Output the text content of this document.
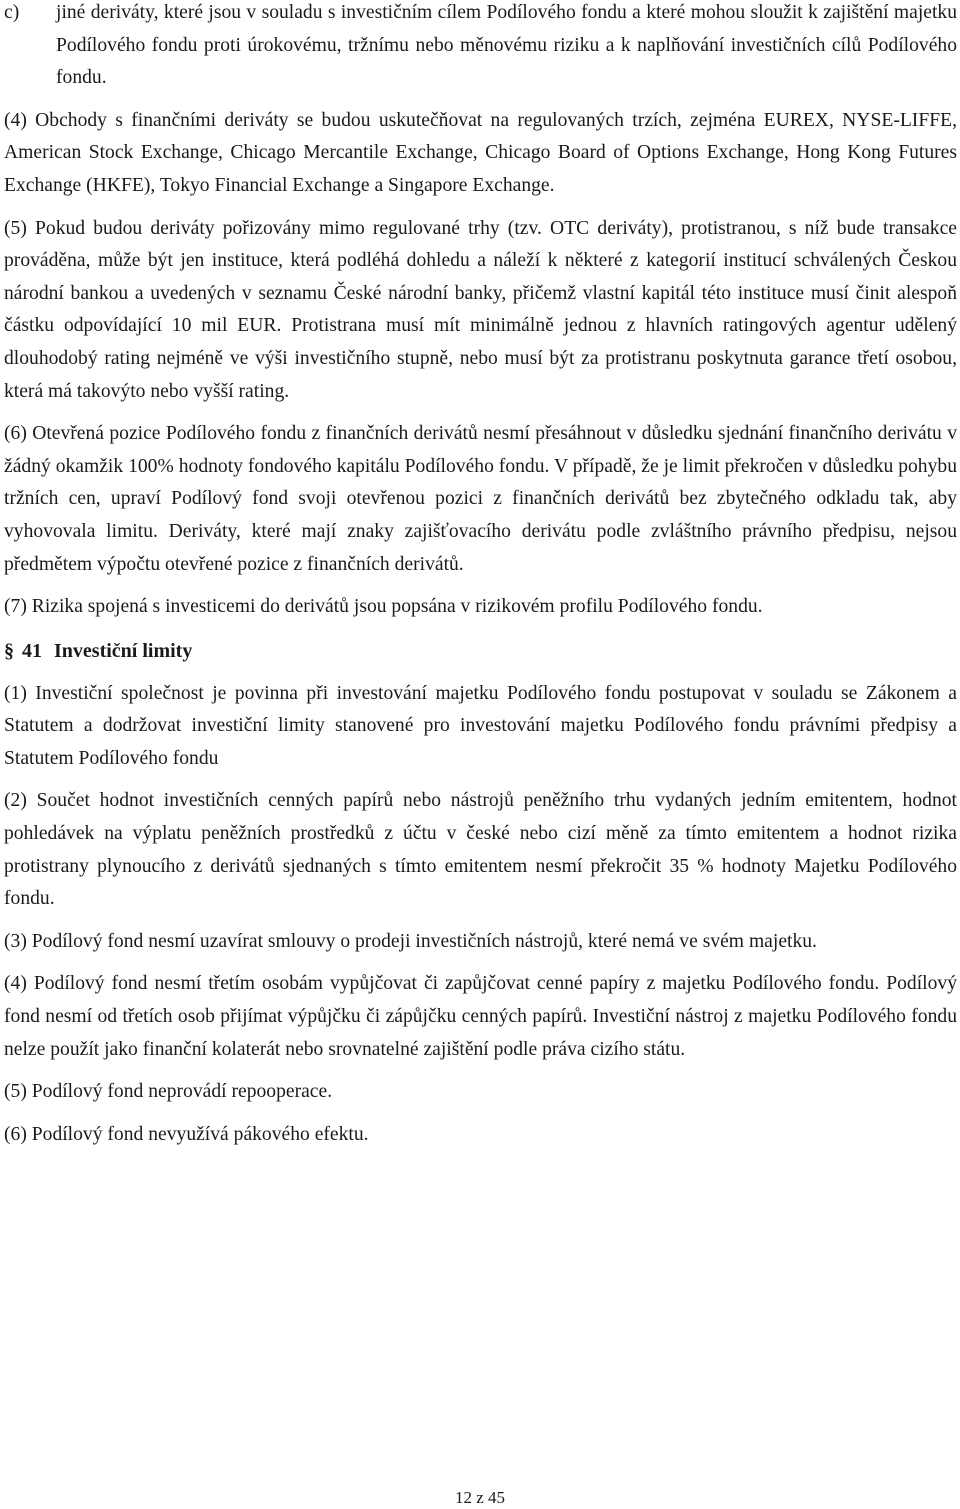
c)	jiné deriváty, které jsou v souladu s investičním cílem Podílového fondu a které mohou sloužit k zajištění majetku Podílového fondu proti úrokovému, tržnímu nebo měnovému riziku a k naplňování investičních cílů Podílového fondu.

(4) Obchody s finančními deriváty se budou uskutečňovat na regulovaných trzích, zejména EUREX, NYSE-LIFFE, American Stock Exchange, Chicago Mercantile Exchange, Chicago Board of Options Exchange, Hong Kong Futures Exchange (HKFE), Tokyo Financial Exchange a Singapore Exchange.

(5) Pokud budou deriváty pořizovány mimo regulované trhy (tzv. OTC deriváty), protistranou, s níž bude transakce prováděna, může být jen instituce, která podléhá dohledu a náleží k některé z kategorií institucí schválených Českou národní bankou a uvedených v seznamu České národní banky, přičemž vlastní kapitál této instituce musí činit alespoň částku odpovídající 10 mil EUR. Protistrana musí mít minimálně jednou z hlavních ratingových agentur udělený dlouhodobý rating nejméně ve výši investičního stupně, nebo musí být za protistranu poskytnuta garance třetí osobou, která má takovýto nebo vyšší rating.

(6) Otevřená pozice Podílového fondu z finančních derivátů nesmí přesáhnout v důsledku sjednání finančního derivátu v žádný okamžik 100% hodnoty fondového kapitálu Podílového fondu. V případě, že je limit překročen v důsledku pohybu tržních cen, upraví Podílový fond svoji otevřenou pozici z finančních derivátů bez zbytečného odkladu tak, aby vyhovovala limitu. Deriváty, které mají znaky zajišťovacího derivátu podle zvláštního právního předpisu, nejsou předmětem výpočtu otevřené pozice z finančních derivátů.

(7) Rizika spojená s investicemi do derivátů jsou popsána v rizikovém profilu Podílového fondu.

§ 41 Investiční limity

(1) Investiční společnost je povinna při investování majetku Podílového fondu postupovat v souladu se Zákonem a Statutem a dodržovat investiční limity stanovené pro investování majetku Podílového fondu právními předpisy a Statutem Podílového fondu

(2) Součet hodnot investičních cenných papírů nebo nástrojů peněžního trhu vydaných jedním emitentem, hodnot pohledávek na výplatu peněžních prostředků z účtu v české nebo cizí měně za tímto emitentem a hodnot rizika protistrany plynoucího z derivátů sjednaných s tímto emitentem nesmí překročit 35 % hodnoty Majetku Podílového fondu.

(3) Podílový fond nesmí uzavírat smlouvy o prodeji investičních nástrojů, které nemá ve svém majetku.

(4) Podílový fond nesmí třetím osobám vypůjčovat či zapůjčovat cenné papíry z majetku Podílového fondu. Podílový fond nesmí od třetích osob přijímat výpůjčku či zápůjčku cenných papírů. Investiční nástroj z majetku Podílového fondu nelze použít jako finanční kolaterát nebo srovnatelné zajištění podle práva cizího státu.

(5) Podílový fond neprovádí repooperace.

(6) Podílový fond nevyužívá pákového efektu.

12 z 45
